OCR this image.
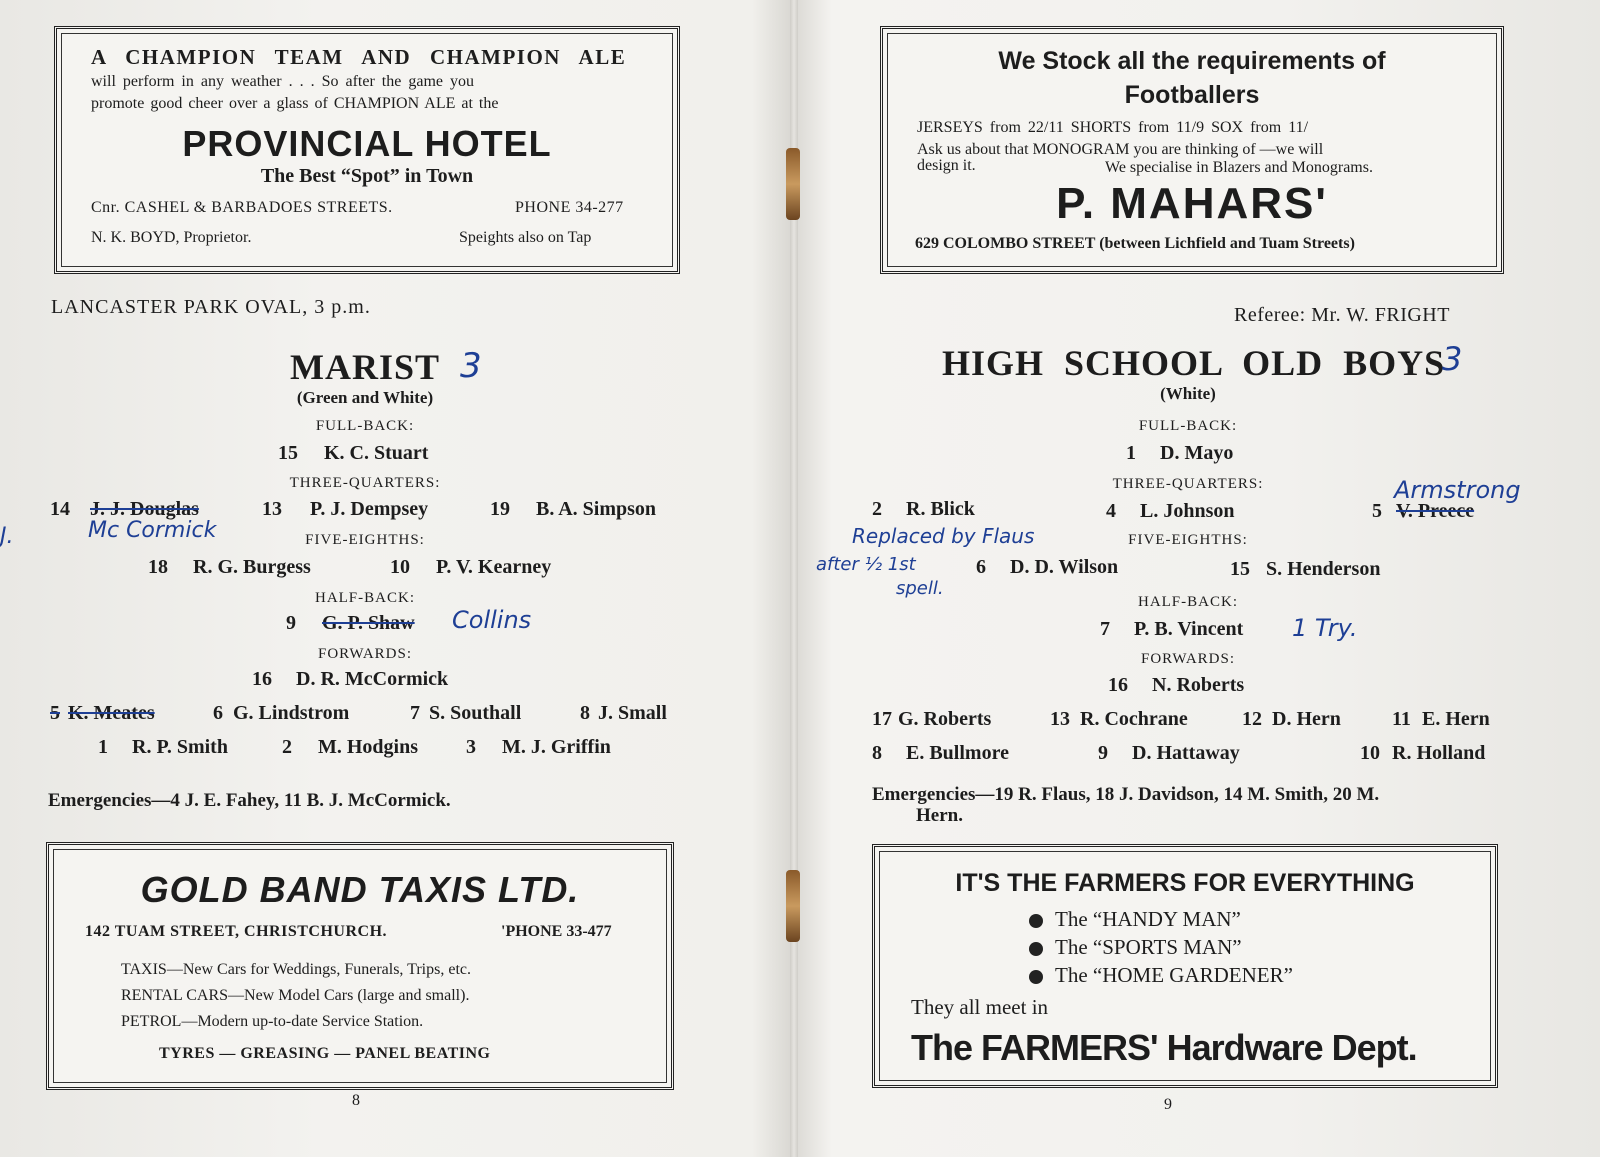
A CHAMPION TEAM AND CHAMPION ALE
will perform in any weather . . . So after the game you
promote good cheer over a glass of CHAMPION ALE at the
PROVINCIAL HOTEL
The Best “Spot” in Town
Cnr. CASHEL & BARBADOES STREETS.	PHONE 34-277
N. K. BOYD, Proprietor.	Speights also on Tap
LANCASTER PARK OVAL, 3 p.m.
MARIST 3
(Green and White)
FULL-BACK:
15 K. C. Stuart
THREE-QUARTERS:
14 J. J. Douglas	13 P. J. Dempsey	19 B. A. Simpson
J.	Mc Cormick	FIVE-EIGHTHS:
18 R. G. Burgess	10 P. V. Kearney
HALF-BACK:
9 G. P. Shaw Collins
FORWARDS:
16 D. R. McCormick
5 K. Meates	6 G. Lindstrom	7 S. Southall	8 J. Small
1 R. P. Smith	2 M. Hodgins 3 M. J. Griffin
Emergencies—4 J. E. Fahey, 11 B. J. McCormick.
GOLD BAND TAXIS LTD.
142 TUAM STREET, CHRISTCHURCH.	'PHONE 33-477
TAXIS—New Cars for Weddings, Funerals, Trips, etc.
RENTAL CARS—New Model Cars (large and small).
PETROL—Modern up-to-date Service Station.
TYRES — GREASING — PANEL BEATING
8
We Stock all the requirements of
Footballers
JERSEYS from 22/11 SHORTS from 11/9 SOX from 11/
Ask us about that MONOGRAM you are thinking of —we will
design it.	We specialise in Blazers and Monograms.
P. MAHARS'
629 COLOMBO STREET (between Lichfield and Tuam Streets)
Referee: Mr. W. FRIGHT
HIGH SCHOOL OLD BOYS
3
(White)
FULL-BACK:
1 D. Mayo
THREE-QUARTERS:
2 R. Blick	4 L. Johnson	5 V. Preece
Armstrong
Replaced by Flaus
after ½ 1st
spell.
FIVE-EIGHTHS:
6 D. D. Wilson	15 S. Henderson
HALF-BACK:
7 P. B. Vincent 1 Try.
FORWARDS:
16 N. Roberts
17 G. Roberts	13 R. Cochrane	12 D. Hern	11 E. Hern
8 E. Bullmore	9 D. Hattaway	10 R. Holland
Emergencies—19 R. Flaus, 18 J. Davidson, 14 M. Smith, 20 M.
Hern.
IT'S THE FARMERS FOR EVERYTHING
The “HANDY MAN”
The “SPORTS MAN”
The “HOME GARDENER”
They all meet in
The FARMERS' Hardware Dept.
9
